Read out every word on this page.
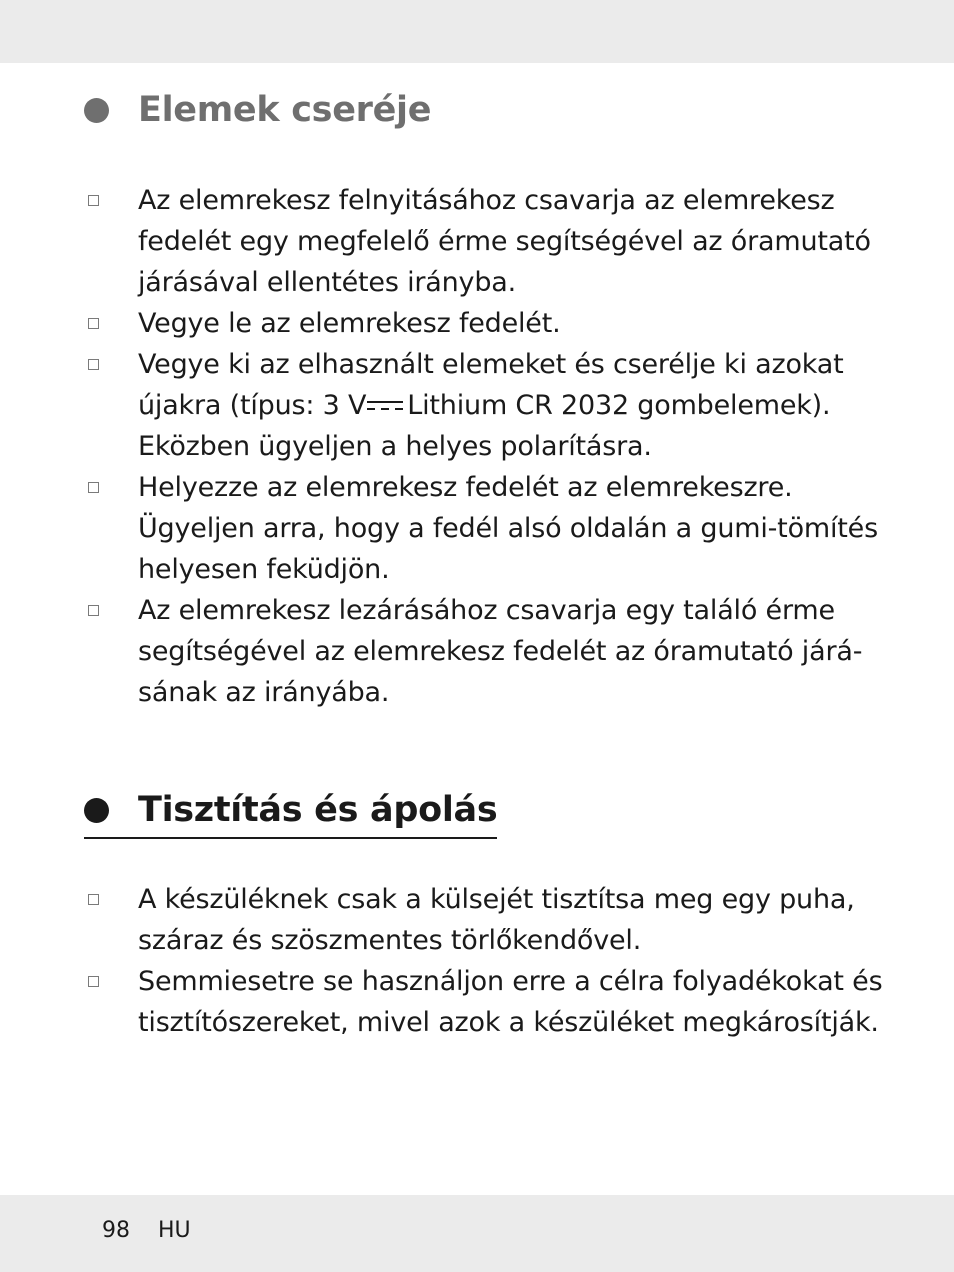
Elemek cseréje
Az elemrekesz felnyitásához csavarja az elemrekesz
fedelét egy megfelelő érme segítségével az óramutató
járásával ellentétes irányba.
Vegye le az elemrekesz fedelét.
Vegye ki az elhasznált elemeket és cserélje ki azokat
újakra (típus: 3 V Lithium CR 2032 gombelemek).
Eközben ügyeljen a helyes polarításra.
Helyezze az elemrekesz fedelét az elemrekeszre.
Ügyeljen arra, hogy a fedél alsó oldalán a gumi-tömítés
helyesen feküdjön.
Az elemrekesz lezárásához csavarja egy találó érme
segítségével az elemrekesz fedelét az óramutató járá-
sának az irányába.
Tisztítás és ápolás
A készüléknek csak a külsejét tisztítsa meg egy puha,
száraz és szöszmentes törlőkendővel.
Semmiesetre se használjon erre a célra folyadékokat és
tisztítószereket, mivel azok a készüléket megkárosítják.
98 HU
